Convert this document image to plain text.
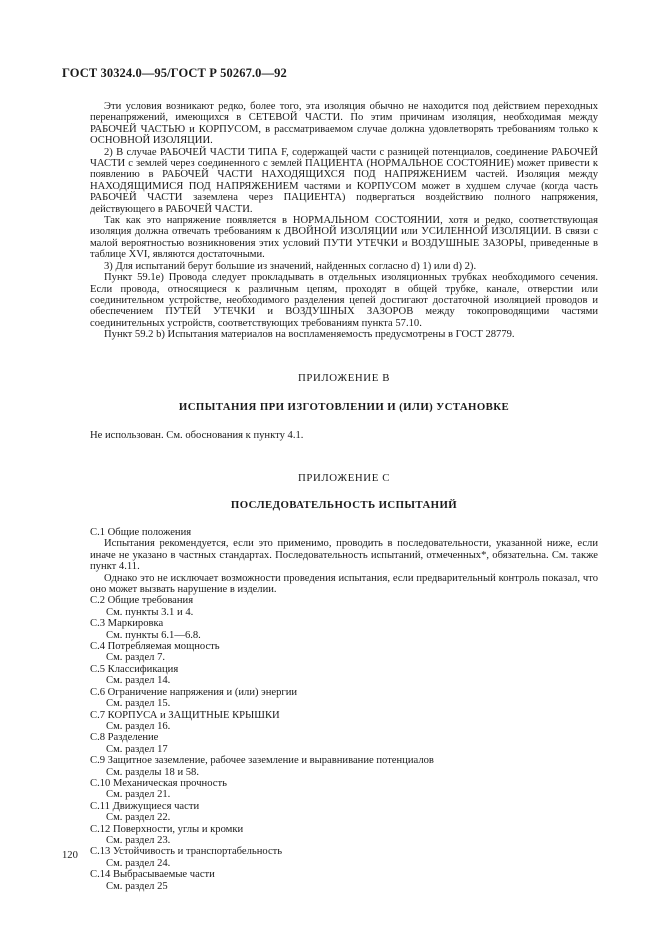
ГОСТ 30324.0—95/ГОСТ Р 50267.0—92

Эти условия возникают редко, более того, эта изоляция обычно не находится под действием переходных перенапряжений, имеющихся в СЕТЕВОЙ ЧАСТИ. По этим причинам изоляция, необходимая между РАБОЧЕЙ ЧАСТЬЮ и КОРПУСОМ, в рассматриваемом случае должна удовлетворять требованиям только к ОСНОВНОЙ ИЗОЛЯЦИИ.

2) В случае РАБОЧЕЙ ЧАСТИ ТИПА F, содержащей части с разницей потенциалов, соединение РАБОЧЕЙ ЧАСТИ с землей через соединенного с землей ПАЦИЕНТА (НОРМАЛЬНОЕ СОСТОЯНИЕ) может привести к появлению в РАБОЧЕЙ ЧАСТИ НАХОДЯЩИХСЯ ПОД НАПРЯЖЕНИЕМ частей. Изоляция между НАХОДЯЩИМИСЯ ПОД НАПРЯЖЕНИЕМ частями и КОРПУСОМ может в худшем случае (когда часть РАБОЧЕЙ ЧАСТИ заземлена через ПАЦИЕНТА) подвергаться воздействию полного напряжения, действующего в РАБОЧЕЙ ЧАСТИ.

Так как это напряжение появляется в НОРМАЛЬНОМ СОСТОЯНИИ, хотя и редко, соответствующая изоляция должна отвечать требованиям к ДВОЙНОЙ ИЗОЛЯЦИИ или УСИЛЕННОЙ ИЗОЛЯЦИИ. В связи с малой вероятностью возникновения этих условий ПУТИ УТЕЧКИ и ВОЗДУШНЫЕ ЗАЗОРЫ, приведенные в таблице XVI, являются достаточными.

3) Для испытаний берут большие из значений, найденных согласно d) 1) или d) 2).

Пункт 59.1e) Провода следует прокладывать в отдельных изоляционных трубках необходимого сечения. Если провода, относящиеся к различным цепям, проходят в общей трубке, канале, отверстии или соединительном устройстве, необходимого разделения цепей достигают достаточной изоляцией проводов и обеспечением ПУТЕЙ УТЕЧКИ и ВОЗДУШНЫХ ЗАЗОРОВ между токопроводящими частями соединительных устройств, соответствующих требованиям пункта 57.10.

Пункт 59.2 b) Испытания материалов на воспламеняемость предусмотрены в ГОСТ 28779.

ПРИЛОЖЕНИЕ В

ИСПЫТАНИЯ ПРИ ИЗГОТОВЛЕНИИ И (ИЛИ) УСТАНОВКЕ

Не использован. См. обоснования к пункту 4.1.

ПРИЛОЖЕНИЕ С

ПОСЛЕДОВАТЕЛЬНОСТЬ ИСПЫТАНИЙ

С.1 Общие положения

Испытания рекомендуется, если это применимо, проводить в последовательности, указанной ниже, если иначе не указано в частных стандартах. Последовательность испытаний, отмеченных*, обязательна. См. также пункт 4.11.

Однако это не исключает возможности проведения испытания, если предварительный контроль показал, что оно может вызвать нарушение в изделии.

С.2 Общие требования

См. пункты 3.1 и 4.

С.3 Маркировка

См. пункты 6.1—6.8.

С.4 Потребляемая мощность

См. раздел 7.

С.5 Классификация

См. раздел 14.

С.6 Ограничение напряжения и (или) энергии

См. раздел 15.

С.7 КОРПУСА и ЗАЩИТНЫЕ КРЫШКИ

См. раздел 16.

С.8 Разделение

См. раздел 17

С.9 Защитное заземление, рабочее заземление и выравнивание потенциалов

См. разделы 18 и 58.

С.10 Механическая прочность

См. раздел 21.

С.11 Движущиеся части

См. раздел 22.

С.12 Поверхности, углы и кромки

См. раздел 23.

С.13 Устойчивость и транспортабельность

См. раздел 24.

С.14 Выбрасываемые части

См. раздел 25

120
